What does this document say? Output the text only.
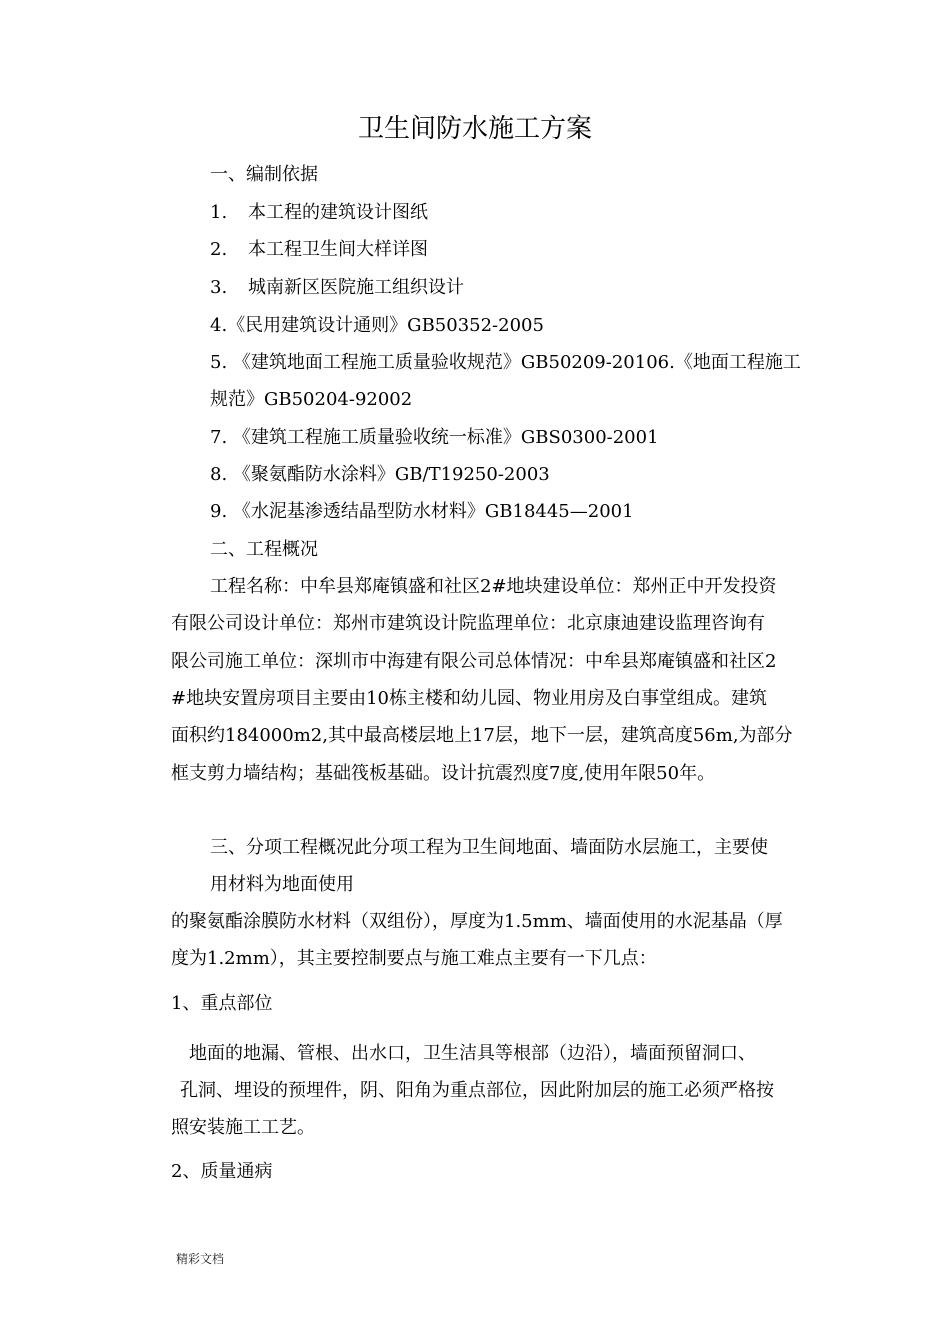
卫生间防水施工方案
一、编制依据
1. 本工程的建筑设计图纸
2. 本工程卫生间大样详图
3. 城南新区医院施工组织设计
4.《民用建筑设计通则》GB50352-2005
5. 《建筑地面工程施工质量验收规范》GB50209-20106.《地面工程施工
规范》GB50204-92002
7. 《建筑工程施工质量验收统一标准》GBS0300-2001
8. 《聚氨酯防水涂料》GB/T19250-2003
9. 《水泥基渗透结晶型防水材料》GB18445—2001
二、工程概况
工程名称：中牟县郑庵镇盛和社区2#地块建设单位：郑州正中开发投资
有限公司设计单位：郑州市建筑设计院监理单位：北京康迪建设监理咨询有
限公司施工单位：深圳市中海建有限公司总体情况：中牟县郑庵镇盛和社区2
#地块安置房项目主要由10栋主楼和幼儿园、物业用房及白事堂组成。建筑
面积约184000m2,其中最高楼层地上17层，地下一层，建筑高度56m,为部分
框支剪力墙结构；基础筏板基础。设计抗震烈度7度,使用年限50年。
三、分项工程概况此分项工程为卫生间地面、墙面防水层施工，主要使
用材料为地面使用
的聚氨酯涂膜防水材料（双组份），厚度为1.5mm、墙面使用的水泥基晶（厚
度为1.2mm），其主要控制要点与施工难点主要有一下几点：
1、重点部位
地面的地漏、管根、出水口，卫生洁具等根部（边沿），墙面预留洞口、
孔洞、埋设的预埋件，阴、阳角为重点部位，因此附加层的施工必须严格按
照安装施工工艺。
2、质量通病
精彩文档
